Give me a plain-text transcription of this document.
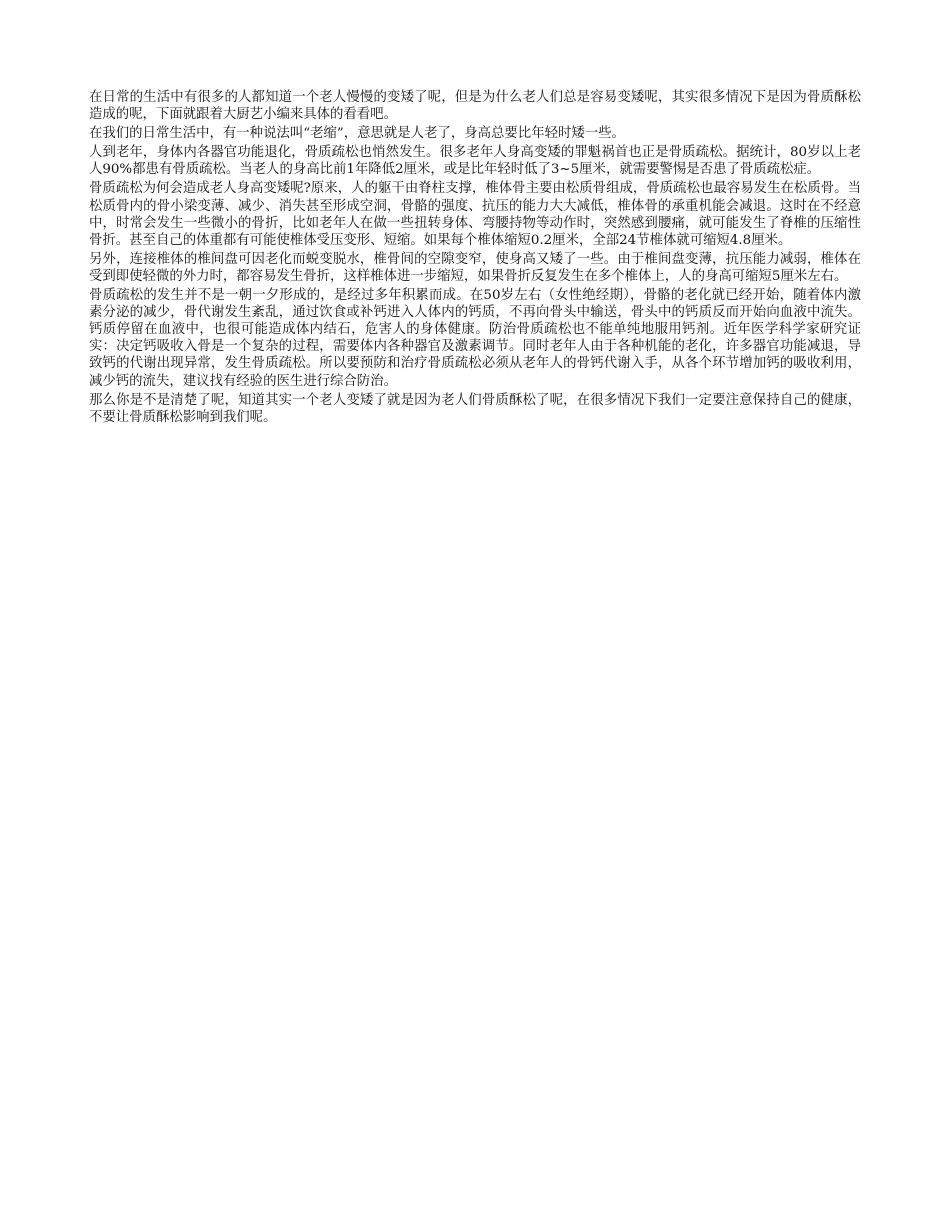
在日常的生活中有很多的人都知道一个老人慢慢的变矮了呢，但是为什么老人们总是容易变矮呢，其实很多情况下是因为骨质酥松造成的呢，下面就跟着大厨艺小编来具体的看看吧。

在我们的日常生活中，有一种说法叫“老缩”，意思就是人老了，身高总要比年轻时矮一些。

人到老年，身体内各器官功能退化，骨质疏松也悄然发生。很多老年人身高变矮的罪魁祸首也正是骨质疏松。据统计，80岁以上老人90%都患有骨质疏松。当老人的身高比前1年降低2厘米，或是比年轻时低了3~5厘米，就需要警惕是否患了骨质疏松症。

骨质疏松为何会造成老人身高变矮呢?原来，人的躯干由脊柱支撑，椎体骨主要由松质骨组成，骨质疏松也最容易发生在松质骨。当松质骨内的骨小梁变薄、减少、消失甚至形成空洞，骨骼的强度、抗压的能力大大减低，椎体骨的承重机能会减退。这时在不经意中，时常会发生一些微小的骨折，比如老年人在做一些扭转身体、弯腰持物等动作时，突然感到腰痛，就可能发生了脊椎的压缩性骨折。甚至自己的体重都有可能使椎体受压变形、短缩。如果每个椎体缩短0.2厘米，全部24节椎体就可缩短4.8厘米。

另外，连接椎体的椎间盘可因老化而蜕变脱水，椎骨间的空隙变窄，使身高又矮了一些。由于椎间盘变薄，抗压能力减弱，椎体在受到即使轻微的外力时，都容易发生骨折，这样椎体进一步缩短，如果骨折反复发生在多个椎体上，人的身高可缩短5厘米左右。

骨质疏松的发生并不是一朝一夕形成的，是经过多年积累而成。在50岁左右（女性绝经期），骨骼的老化就已经开始，随着体内激素分泌的减少，骨代谢发生紊乱，通过饮食或补钙进入人体内的钙质，不再向骨头中输送，骨头中的钙质反而开始向血液中流失。钙质停留在血液中，也很可能造成体内结石，危害人的身体健康。防治骨质疏松也不能单纯地服用钙剂。近年医学科学家研究证实：决定钙吸收入骨是一个复杂的过程，需要体内各种器官及激素调节。同时老年人由于各种机能的老化，许多器官功能减退，导致钙的代谢出现异常，发生骨质疏松。所以要预防和治疗骨质疏松必须从老年人的骨钙代谢入手，从各个环节增加钙的吸收利用，减少钙的流失，建议找有经验的医生进行综合防治。

那么你是不是清楚了呢，知道其实一个老人变矮了就是因为老人们骨质酥松了呢，在很多情况下我们一定要注意保持自己的健康，不要让骨质酥松影响到我们呢。
